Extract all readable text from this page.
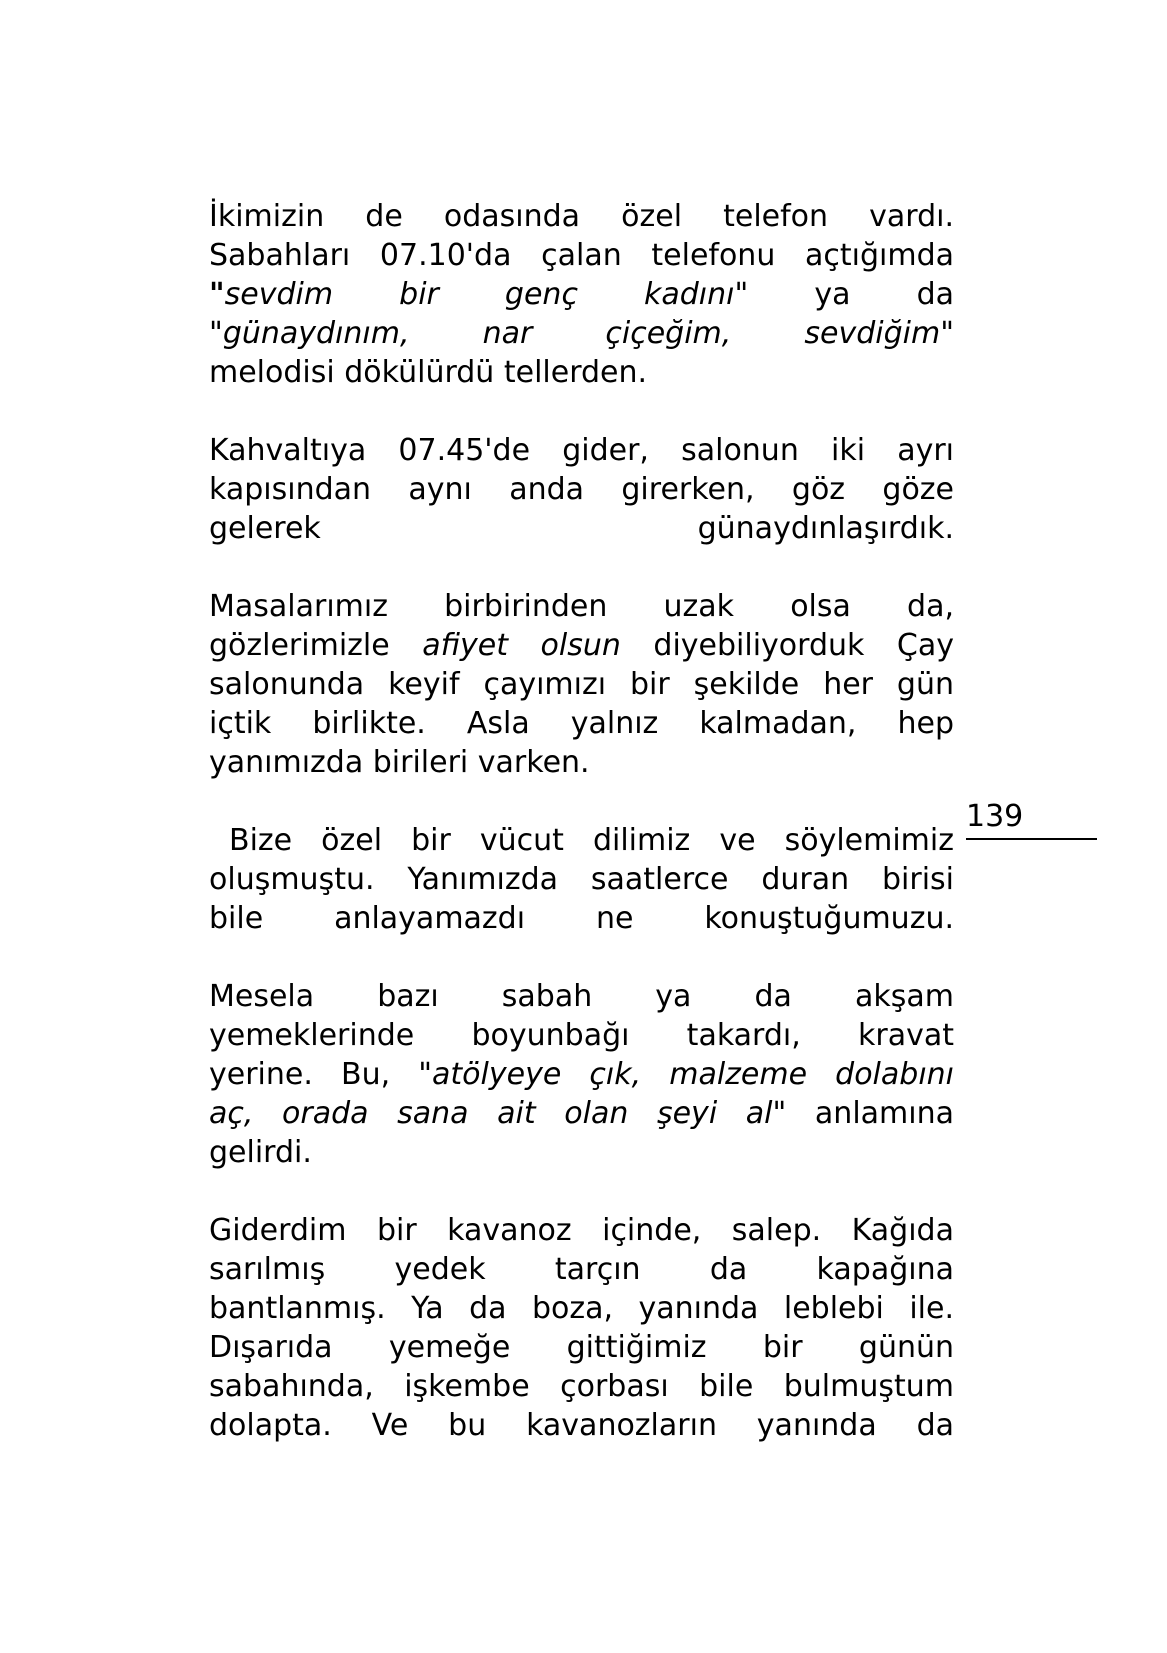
İkimizin de odasında özel telefon vardı.
Sabahları 07.10'da çalan telefonu açtığımda
"sevdim bir genç kadını" ya da
"günaydınım, nar çiçeğim, sevdiğim"
melodisi dökülürdü tellerden.
Kahvaltıya 07.45'de gider, salonun iki ayrı
kapısından aynı anda girerken, göz göze
gelerek günaydınlaşırdık.
Masalarımız birbirinden uzak olsa da,
gözlerimizle afiyet olsun diyebiliyorduk Çay
salonunda keyif çayımızı bir şekilde her gün
içtik birlikte. Asla yalnız kalmadan, hep
yanımızda birileri varken.
Bize özel bir vücut dilimiz ve söylemimiz
oluşmuştu. Yanımızda saatlerce duran birisi
bile anlayamazdı ne konuştuğumuzu.
Mesela bazı sabah ya da akşam
yemeklerinde boyunbağı takardı, kravat
yerine. Bu, "atölyeye çık, malzeme dolabını
aç, orada sana ait olan şeyi al" anlamına
gelirdi.
Giderdim bir kavanoz içinde, salep. Kağıda
sarılmış yedek tarçın da kapağına
bantlanmış. Ya da boza, yanında leblebi ile.
Dışarıda yemeğe gittiğimiz bir günün
sabahında, işkembe çorbası bile bulmuştum
dolapta. Ve bu kavanozların yanında da
139
